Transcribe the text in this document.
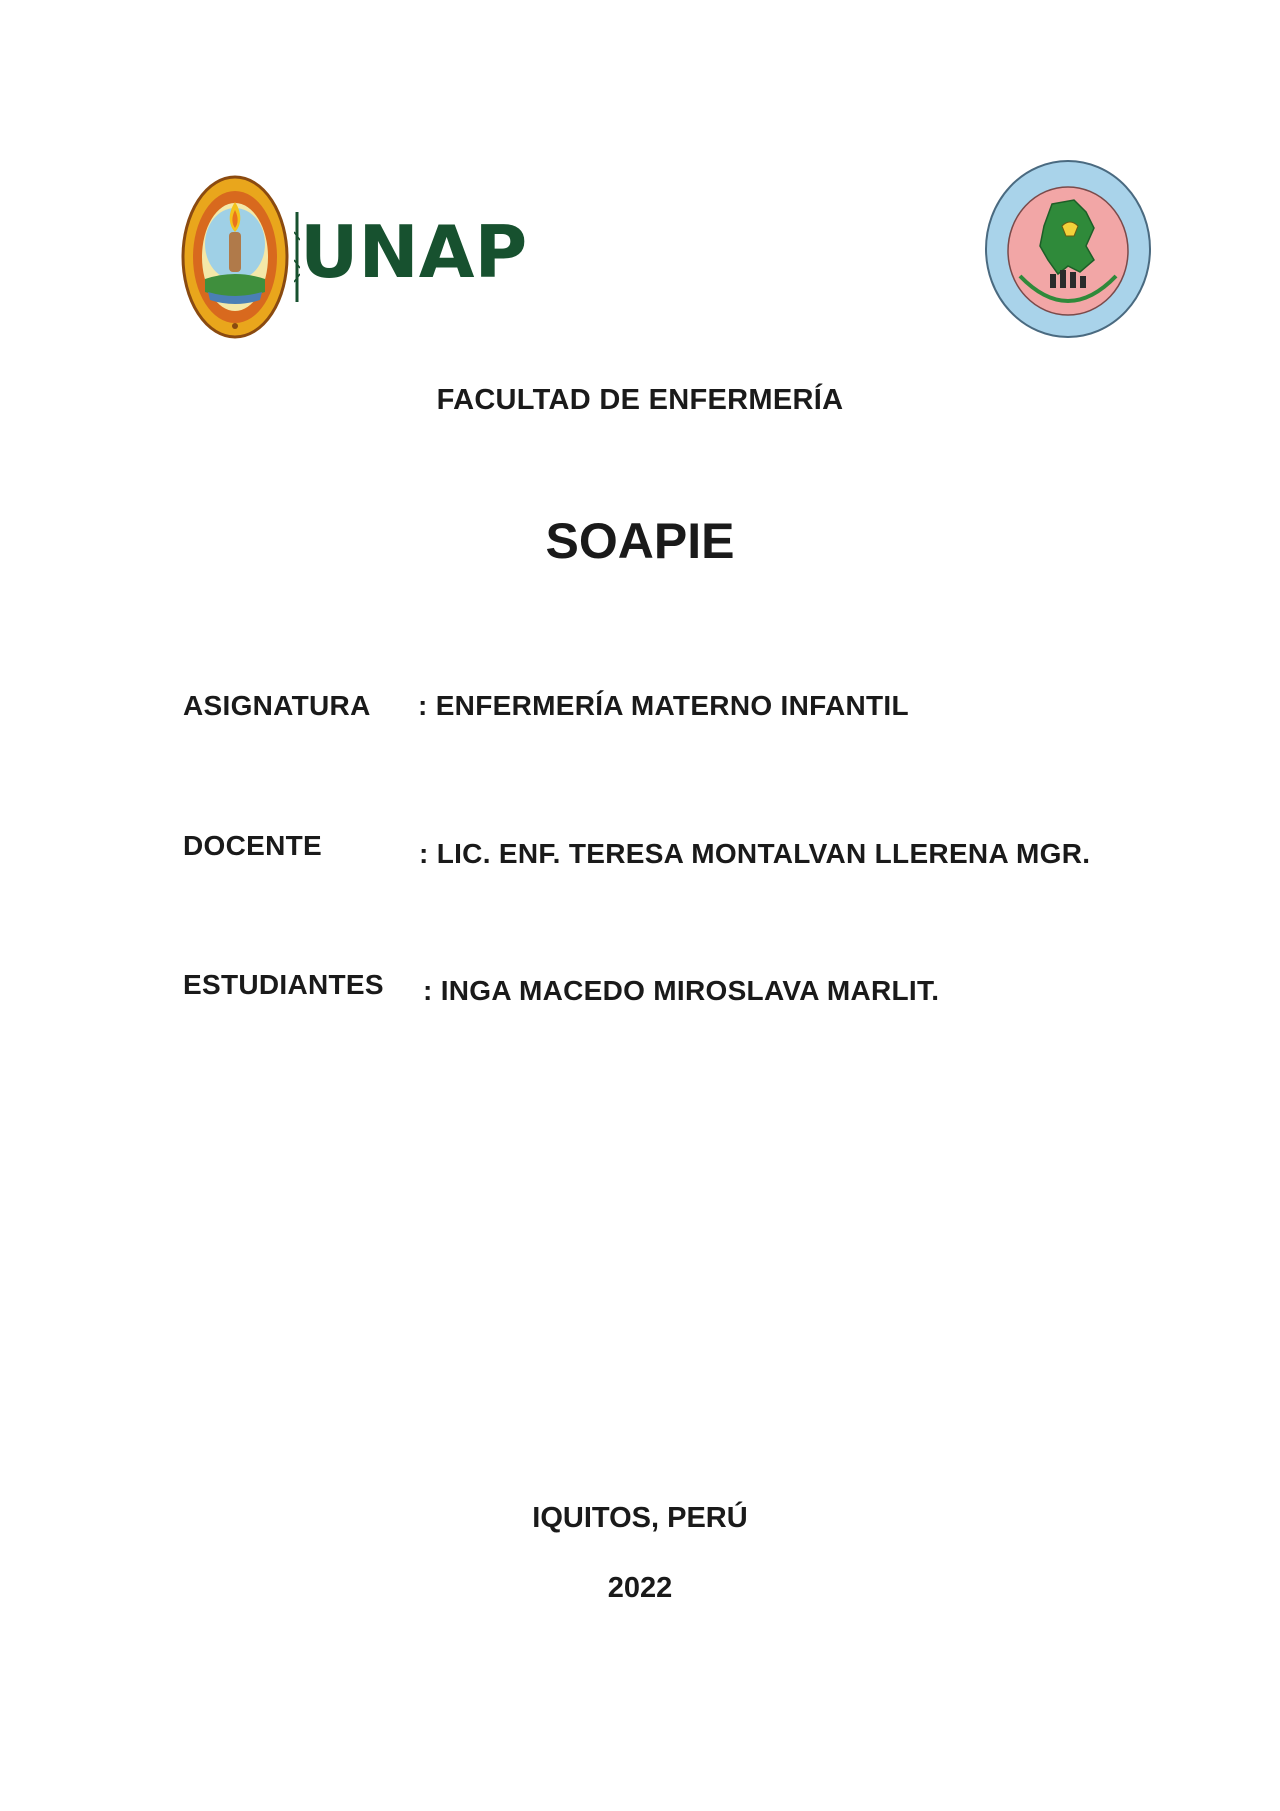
UNAP
FACULTAD DE ENFERMERÍA
SOAPIE
ASIGNATURA : ENFERMERÍA MATERNO INFANTIL
DOCENTE	: LIC. ENF. TERESA MONTALVAN LLERENA MGR.
ESTUDIANTES : INGA MACEDO MIROSLAVA MARLIT.
IQUITOS, PERÚ
2022
